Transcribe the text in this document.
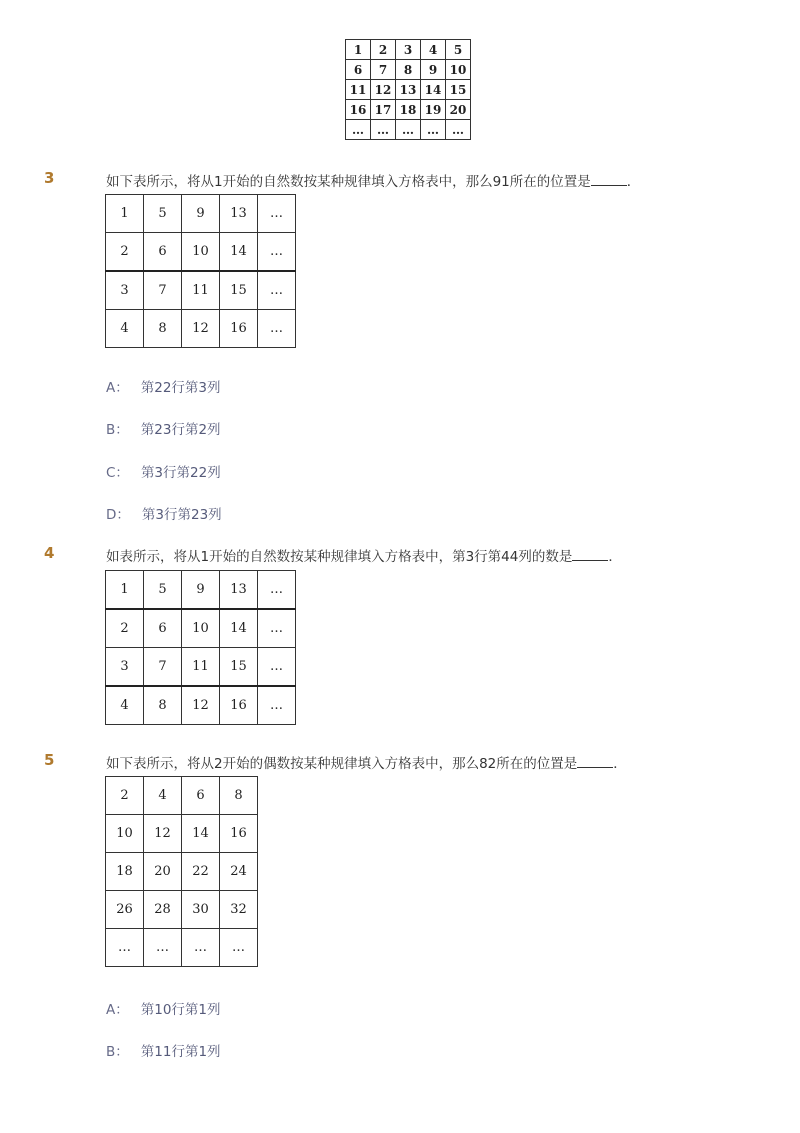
1	2	3	4	5
6	7	8	9	10
11	12	13	14	15
16	17	18	19	20
…	…	…	…	…
3	如下表所示，将从1开始的自然数按某种规律填入方格表中，那么91所在的位置是	．
1	5	9	13	…
2	6	10	14	…
3	7	11	15	…
4	8	12	16	…
A： 第22行第3列
B： 第23行第2列
C： 第3行第22列
D： 第3行第23列
4	如表所示，将从1开始的自然数按某种规律填入方格表中，第3行第44列的数是	．
1	5	9	13	…
2	6	10	14	…
3	7	11	15	…
4	8	12	16	…
5	如下表所示，将从2开始的偶数按某种规律填入方格表中，那么82所在的位置是	．
2	4	6	8
10	12	14	16
18	20	22	24
26	28	30	32
…	…	…	…
A： 第10行第1列
B： 第11行第1列
